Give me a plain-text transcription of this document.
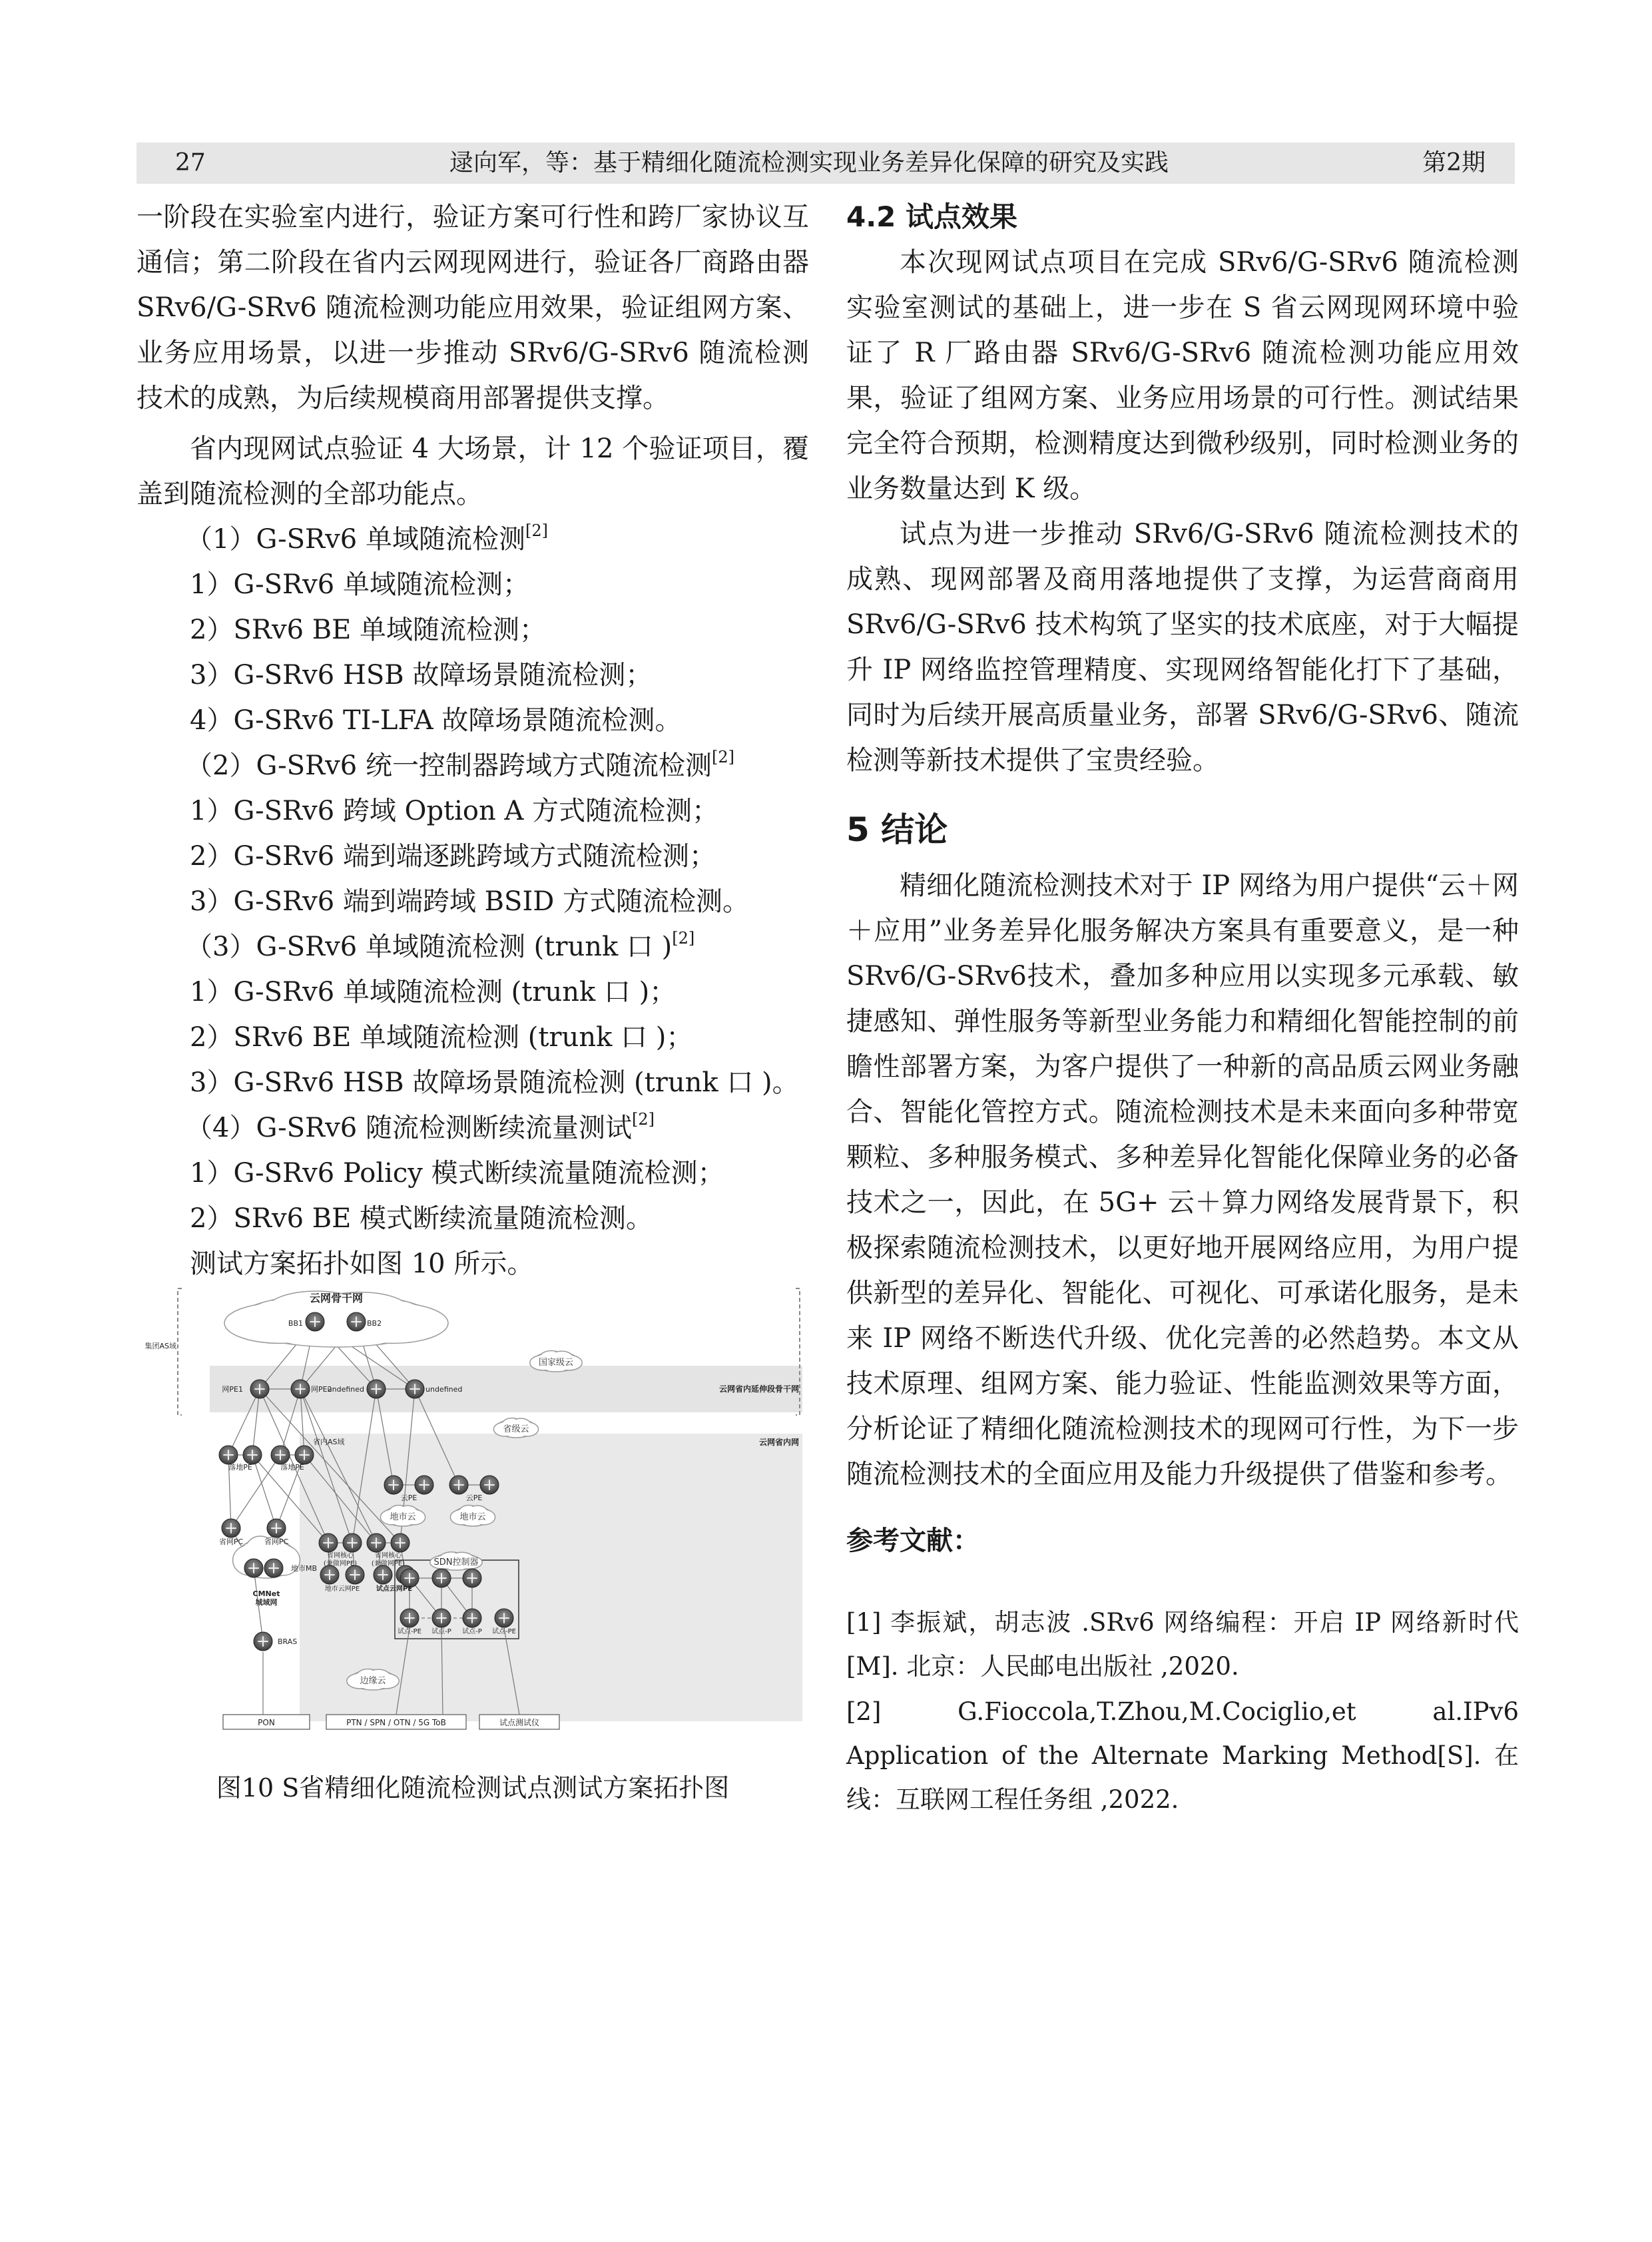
27	逯向军，等：基于精细化随流检测实现业务差异化保障的研究及实践	第2期

一阶段在实验室内进行，验证方案可行性和跨厂家协议互通信；第二阶段在省内云网现网进行，验证各厂商路由器 SRv6/G-SRv6 随流检测功能应用效果，验证组网方案、业务应用场景，以进一步推动 SRv6/G-SRv6 随流检测技术的成熟，为后续规模商用部署提供支撑。

省内现网试点验证 4 大场景，计 12 个验证项目，覆盖到随流检测的全部功能点。

（1）G-SRv6 单域随流检测[2]

1）G-SRv6 单域随流检测；

2）SRv6 BE 单域随流检测；

3）G-SRv6 HSB 故障场景随流检测；

4）G-SRv6 TI-LFA 故障场景随流检测。

（2）G-SRv6 统一控制器跨域方式随流检测[2]

1）G-SRv6 跨域 Option A 方式随流检测；

2）G-SRv6 端到端逐跳跨域方式随流检测；

3）G-SRv6 端到端跨域 BSID 方式随流检测。

（3）G-SRv6 单域随流检测 (trunk 口 )[2]

1）G-SRv6 单域随流检测 (trunk 口 )；

2）SRv6 BE 单域随流检测 (trunk 口 )；

3）G-SRv6 HSB 故障场景随流检测 (trunk 口 )。

（4）G-SRv6 随流检测断续流量测试[2]

1）G-SRv6 Policy 模式断续流量随流检测；

2）SRv6 BE 模式断续流量随流检测。

测试方案拓扑如图 10 所示。

国家级云
省级云
地市云	地市云
边缘云
SDN控制器
云网骨干网
BB1	BB2
集团AS域
网PE1	网PE2
undefined	undefined	云网省内延伸段骨干网
云网省内网
省内AS域
落地PE	落地PE
云PE	云PE
省网PC	省网PC
省网核心
(兼做网PE)
省网核心
(兼做网PE)
地市MB
CMNet
城域网
BRAS
地市云网PE 试点云网PE
试点-PE 试点-P 试点-P 试点-PE
PON	PTN / SPN / OTN / 5G ToB	试点测试仪
图10 S省精细化随流检测试点测试方案拓扑图

4.2 试点效果

本次现网试点项目在完成 SRv6/G-SRv6 随流检测实验室测试的基础上，进一步在 S 省云网现网环境中验证了 R 厂路由器 SRv6/G-SRv6 随流检测功能应用效果，验证了组网方案、业务应用场景的可行性。测试结果完全符合预期，检测精度达到微秒级别，同时检测业务的业务数量达到 K 级。

试点为进一步推动 SRv6/G-SRv6 随流检测技术的成熟、现网部署及商用落地提供了支撑，为运营商商用 SRv6/G-SRv6 技术构筑了坚实的技术底座，对于大幅提升 IP 网络监控管理精度、实现网络智能化打下了基础，同时为后续开展高质量业务，部署 SRv6/G-SRv6、随流检测等新技术提供了宝贵经验。

5 结论

精细化随流检测技术对于 IP 网络为用户提供“云＋网＋应用”业务差异化服务解决方案具有重要意义，是一种SRv6/G-SRv6技术，叠加多种应用以实现多元承载、敏捷感知、弹性服务等新型业务能力和精细化智能控制的前瞻性部署方案，为客户提供了一种新的高品质云网业务融合、智能化管控方式。随流检测技术是未来面向多种带宽颗粒、多种服务模式、多种差异化智能化保障业务的必备技术之一，因此，在 5G+ 云＋算力网络发展背景下，积极探索随流检测技术，以更好地开展网络应用，为用户提供新型的差异化、智能化、可视化、可承诺化服务，是未来 IP 网络不断迭代升级、优化完善的必然趋势。本文从技术原理、组网方案、能力验证、性能监测效果等方面，分析论证了精细化随流检测技术的现网可行性，为下一步随流检测技术的全面应用及能力升级提供了借鉴和参考。

参考文献：

[1] 李振斌，胡志波 .SRv6 网络编程：开启 IP 网络新时代 [M]. 北京：人民邮电出版社 ,2020.

[2] G.Fioccola,T.Zhou,M.Cociglio,et al.IPv6 Application of the Alternate Marking Method[S]. 在线：互联网工程任务组 ,2022.
